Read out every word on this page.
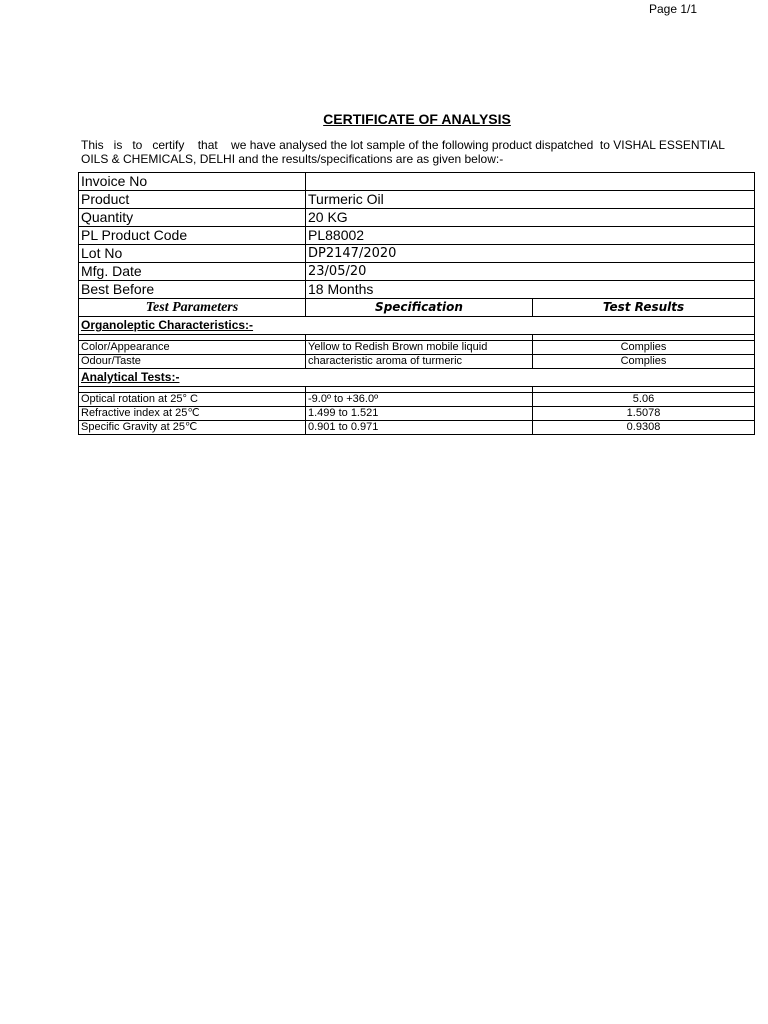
Page 1/1
CERTIFICATE OF ANALYSIS
This   is   to   certify    that    we have analysed the lot sample of the following product dispatched  to VISHAL ESSENTIAL
OILS & CHEMICALS, DELHI and the results/specifications are as given below:-
Invoice No		
Product	Turmeric Oil	
Quantity	20 KG	
PL Product Code	PL88002	
Lot No	DP2147/2020	
Mfg. Date	23/05/20	
Best Before	18 Months	
Test Parameters	Specification	Test Results
Organoleptic Characteristics:-		

Color/Appearance	Yellow to Redish Brown mobile liquid	Complies
Odour/Taste	characteristic aroma of turmeric	Complies
Analytical Tests:-		

Optical rotation at 25° C	-9.0º to +36.0º	5.06
Refractive index at 25℃	1.499 to 1.521	1.5078
Specific Gravity at 25℃	0.901 to 0.971	0.9308
